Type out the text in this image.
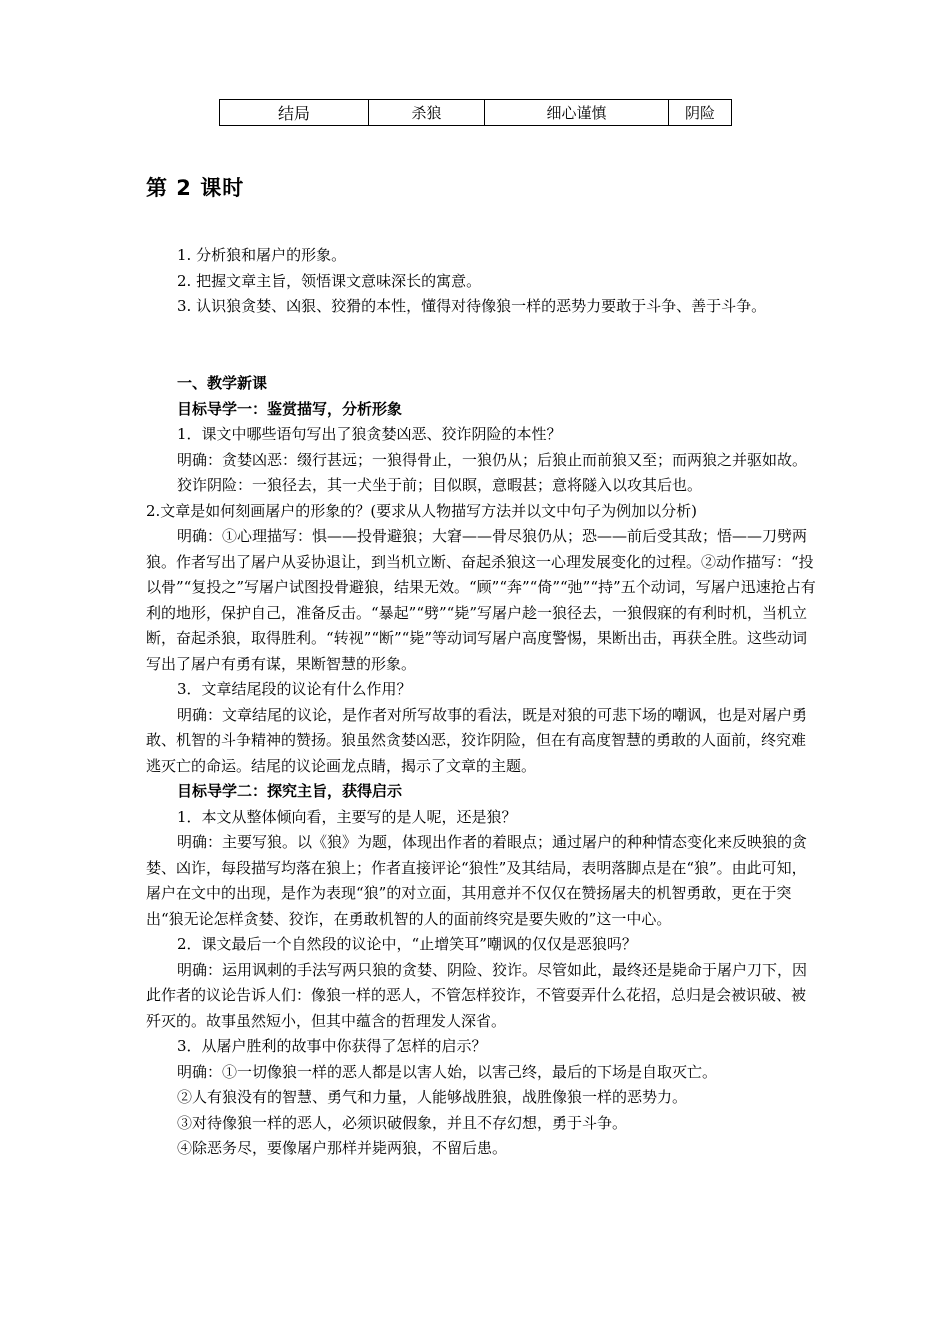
结局	杀狼	细心谨慎	阴险
第 2 课时

1. 分析狼和屠户的形象。

2. 把握文章主旨，领悟课文意味深长的寓意。

3. 认识狼贪婪、凶狠、狡猾的本性，懂得对待像狼一样的恶势力要敢于斗争、善于斗争。

一、教学新课

目标导学一：鉴赏描写，分析形象

1．课文中哪些语句写出了狼贪婪凶恶、狡诈阴险的本性？

明确：贪婪凶恶：缀行甚远；一狼得骨止，一狼仍从；后狼止而前狼又至；而两狼之并驱如故。

狡诈阴险：一狼径去，其一犬坐于前；目似瞑，意暇甚；意将隧入以攻其后也。

2.文章是如何刻画屠户的形象的？(要求从人物描写方法并以文中句子为例加以分析)

明确：①心理描写：惧——投骨避狼；大窘——骨尽狼仍从；恐——前后受其敌；悟——刀劈两狼。作者写出了屠户从妥协退让，到当机立断、奋起杀狼这一心理发展变化的过程。②动作描写：“投以骨”“复投之”写屠户试图投骨避狼，结果无效。“顾”“奔”“倚”“弛”“持”五个动词，写屠户迅速抢占有利的地形，保护自己，准备反击。“暴起”“劈”“毙”写屠户趁一狼径去，一狼假寐的有利时机，当机立断，奋起杀狼，取得胜利。“转视”“断”“毙”等动词写屠户高度警惕，果断出击，再获全胜。这些动词写出了屠户有勇有谋，果断智慧的形象。

3．文章结尾段的议论有什么作用？

明确：文章结尾的议论，是作者对所写故事的看法，既是对狼的可悲下场的嘲讽，也是对屠户勇敢、机智的斗争精神的赞扬。狼虽然贪婪凶恶，狡诈阴险，但在有高度智慧的勇敢的人面前，终究难逃灭亡的命运。结尾的议论画龙点睛，揭示了文章的主题。

目标导学二：探究主旨，获得启示

1．本文从整体倾向看，主要写的是人呢，还是狼？

明确：主要写狼。以《狼》为题，体现出作者的着眼点；通过屠户的种种情态变化来反映狼的贪婪、凶诈，每段描写均落在狼上；作者直接评论“狼性”及其结局，表明落脚点是在“狼”。由此可知，屠户在文中的出现，是作为表现“狼”的对立面，其用意并不仅仅在赞扬屠夫的机智勇敢，更在于突出“狼无论怎样贪婪、狡诈，在勇敢机智的人的面前终究是要失败的”这一中心。

2．课文最后一个自然段的议论中，“止增笑耳”嘲讽的仅仅是恶狼吗？

明确：运用讽刺的手法写两只狼的贪婪、阴险、狡诈。尽管如此，最终还是毙命于屠户刀下，因此作者的议论告诉人们：像狼一样的恶人，不管怎样狡诈，不管耍弄什么花招，总归是会被识破、被歼灭的。故事虽然短小，但其中蕴含的哲理发人深省。

3．从屠户胜利的故事中你获得了怎样的启示？

明确：①一切像狼一样的恶人都是以害人始，以害己终，最后的下场是自取灭亡。

②人有狼没有的智慧、勇气和力量，人能够战胜狼，战胜像狼一样的恶势力。

③对待像狼一样的恶人，必须识破假象，并且不存幻想，勇于斗争。

④除恶务尽，要像屠户那样并毙两狼，不留后患。
